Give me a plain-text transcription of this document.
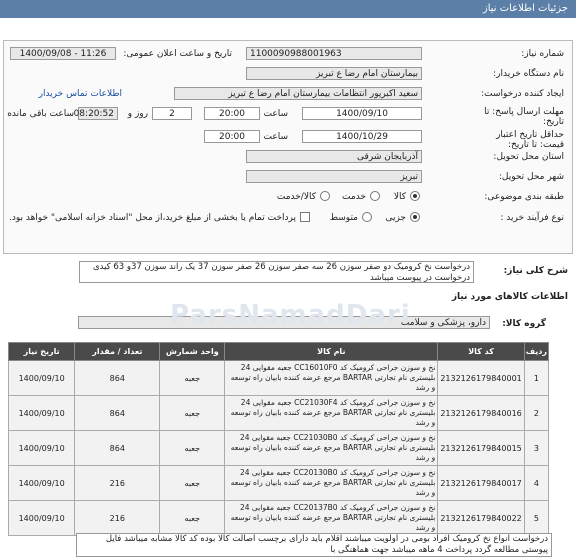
جزئیات اطلاعات نیاز
شماره نیاز:
1100090988001963
تاریخ و ساعت اعلان عمومی:
1400/09/08 - 11:26
نام دستگاه خریدار:
بیمارستان امام رضا ع تبریز
ایجاد کننده درخواست:
سعید اکبرپور انتظامات بیمارستان امام رضا ع تبریز
اطلاعات تماس خریدار
مهلت ارسال پاسخ: تا تاریخ:
1400/09/10
ساعت
20:00
2
روز و
08:20:52
ساعت باقی مانده
حداقل تاریخ اعتبار قیمت: تا تاریخ:
1400/10/29
ساعت
20:00
استان محل تحویل:
آذربایجان شرقی
شهر محل تحویل:
تبریز
طبقه بندی موضوعی:
کالا
خدمت
کالا/خدمت
نوع فرآیند خرید :
جزیی
متوسط
پرداخت تمام یا بخشی از مبلغ خرید،از محل "اسناد خزانه اسلامی" خواهد بود.
شرح کلی نیاز:
درخواست نخ کرومیک دو صفر سوزن 26 سه صفر سوزن 26 صفر سوزن 37 یک راند سوزن 37و 63 کیدی درخواست در پیوست میباشد
اطلاعات کالاهای مورد نیاز
گروه کالا:
دارو، پزشکی و سلامت
ParsNamadDari
ردیف	کد کالا	نام کالا	واحد شمارش	تعداد / مقدار	تاریخ نیاز
1	2132126179840001	نخ و سوزن جراحی کرومیک کد CC16010F0 جعبه مقوایی 24 بلیستری نام تجارتی BARTAR مرجع عرضه کننده بابیان راه توسعه و رشد	جعبه	864	1400/09/10
2	2132126179840016	نخ و سوزن جراحی کرومیک کد CC21030F4 جعبه مقوایی 24 بلیستری نام تجارتی BARTAR مرجع عرضه کننده بابیان راه توسعه و رشد	جعبه	864	1400/09/10
3	2132126179840015	نخ و سوزن جراحی کرومیک کد CC21030B0 جعبه مقوایی 24 بلیستری نام تجارتی BARTAR مرجع عرضه کننده بابیان راه توسعه و رشد	جعبه	864	1400/09/10
4	2132126179840017	نخ و سوزن جراحی کرومیک کد CC20130B0 جعبه مقوایی 24 بلیستری نام تجارتی BARTAR مرجع عرضه کننده بابیان راه توسعه و رشد	جعبه	216	1400/09/10
5	2132126179840022	نخ و سوزن جراحی کرومیک کد CC20137B0 جعبه مقوایی 24 بلیستری نام تجارتی BARTAR مرجع عرضه کننده بابیان راه توسعه و رشد	جعبه	216	1400/09/10
درخواست انواع نخ کرومیک افراد بومی در اولویت میباشند اقلام باید دارای برچسب اصالت کالا بوده کد کالا مشابه میباشد فایل پیوستی مطالعه گردد پرداخت 4 ماهه میباشد جهت هماهنگی با
